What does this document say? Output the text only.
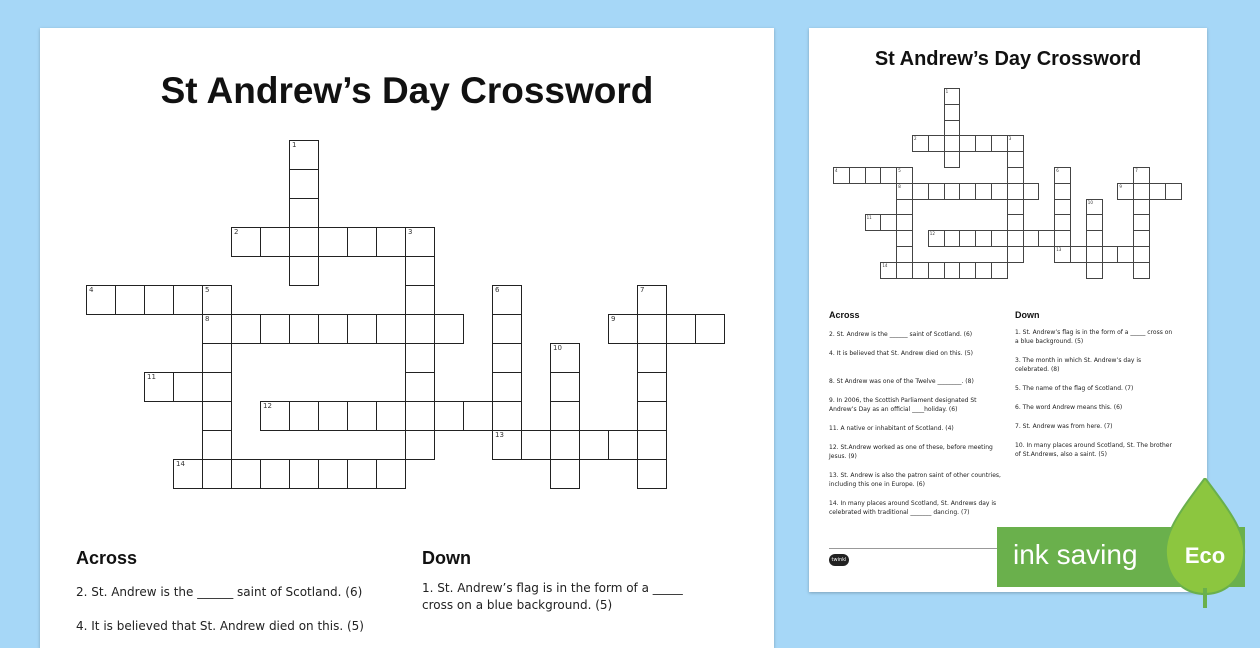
St Andrew’s Day Crossword
1
2	3
4	5
8
11
6
13
7
9
12
10
14
Across

2. St. Andrew is the ______ saint of Scotland. (6)

4. It is believed that St. Andrew died on this. (5)

Down

1. St. Andrew’s flag is in the form of a _____

cross on a blue background. (5)

St Andrew’s Day Crossword
1
2	3
4	5
8
11
6
13
7
9
12
10
14
Across

2. St. Andrew is the ______ saint of Scotland. (6)

4. It is believed that St. Andrew died on this. (5)

8. St Andrew was one of the Twelve ________. (8)

9. In 2006, the Scottish Parliament designated St Andrew’s Day as an official ____holiday. (6)

11. A native or inhabitant of Scotland. (4)

12. St.Andrew worked as one of these, before meeting Jesus. (9)

13. St. Andrew is also the patron saint of other countries, including this one in Europe. (6)

14. In many places around Scotland, St. Andrews day is celebrated with traditional _______ dancing. (7)

Down

1. St. Andrew’s flag is in the form of a _____ cross on a blue background. (5)

3. The month in which St. Andrew’s day is celebrated. (8)

5. The name of the flag of Scotland. (7)

6. The word Andrew means this. (6)

7. St. Andrew was from here. (7)

10. In many places around Scotland, St. The brother of St.Andrews, also a saint. (5)

twinkl	ink saving Eco
